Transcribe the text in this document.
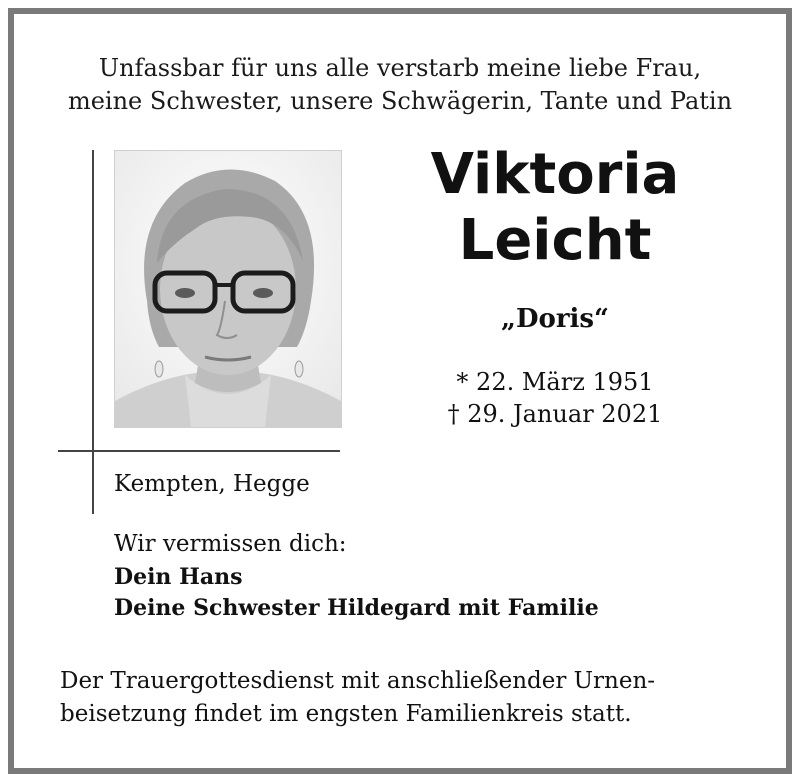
Unfassbar für uns alle verstarb meine liebe Frau,
meine Schwester, unsere Schwägerin, Tante und Patin
Viktoria
Leicht
„Doris“
* 22. März 1951
† 29. Januar 2021
Kempten, Hegge
Wir vermissen dich:
Dein Hans
Deine Schwester Hildegard mit Familie
Der Trauergottesdienst mit anschließender Urnen-
beisetzung findet im engsten Familienkreis statt.
